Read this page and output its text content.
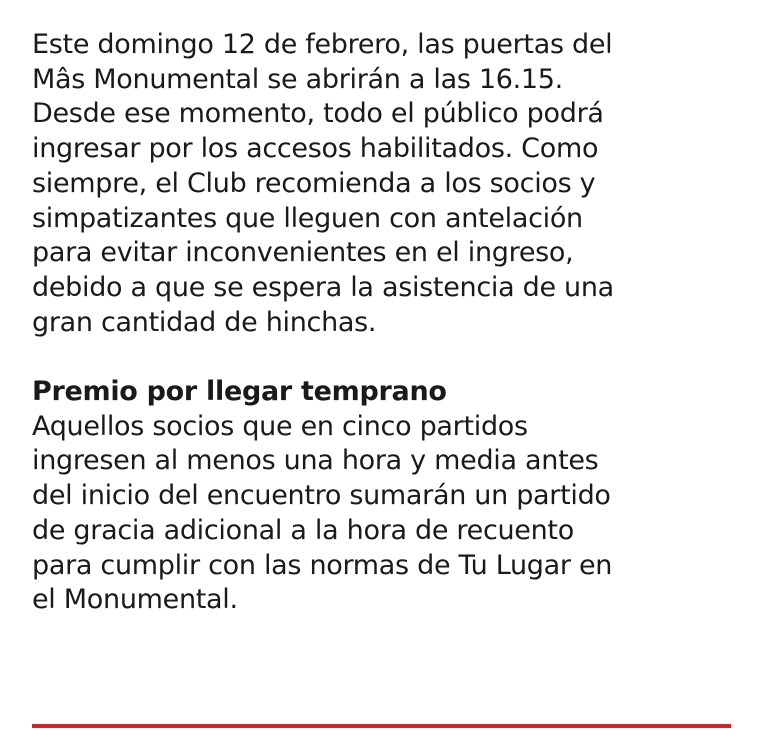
Este domingo 12 de febrero, las puertas del
Mâs Monumental se abrirán a las 16.15.
Desde ese momento, todo el público podrá
ingresar por los accesos habilitados. Como
siempre, el Club recomienda a los socios y
simpatizantes que lleguen con antelación
para evitar inconvenientes en el ingreso,
debido a que se espera la asistencia de una
gran cantidad de hinchas.

Premio por llegar temprano

Aquellos socios que en cinco partidos
ingresen al menos una hora y media antes
del inicio del encuentro sumarán un partido
de gracia adicional a la hora de recuento
para cumplir con las normas de Tu Lugar en
el Monumental.
